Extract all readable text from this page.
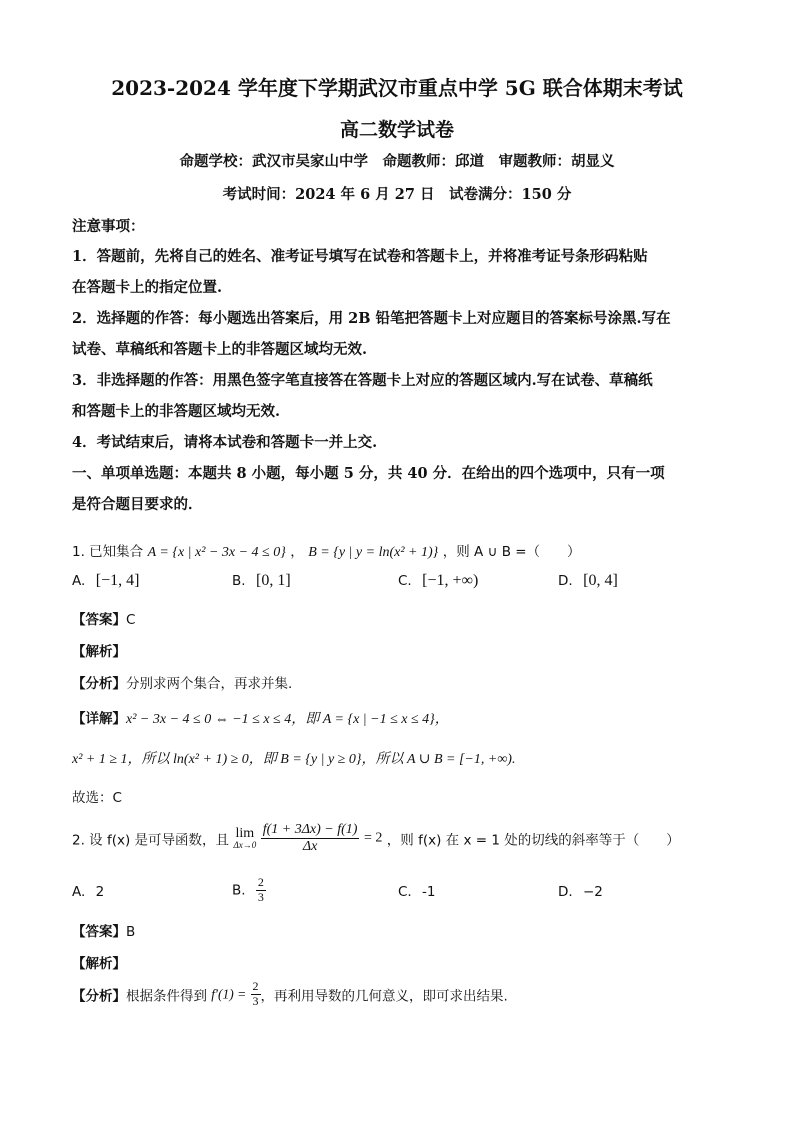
2023-2024 学年度下学期武汉市重点中学 5G 联合体期末考试
高二数学试卷
命题学校：武汉市吴家山中学　命题教师：邱道　审题教师：胡显义
考试时间：2024 年 6 月 27 日　试卷满分：150 分
注意事项：
1．答题前，先将自己的姓名、准考证号填写在试卷和答题卡上，并将准考证号条形码粘贴
在答题卡上的指定位置.
2．选择题的作答：每小题选出答案后，用 2B 铅笔把答题卡上对应题目的答案标号涂黑.写在
试卷、草稿纸和答题卡上的非答题区域均无效.
3．非选择题的作答：用黑色签字笔直接答在答题卡上对应的答题区域内.写在试卷、草稿纸
和答题卡上的非答题区域均无效.
4．考试结束后，请将本试卷和答题卡一并上交.
一、单项单选题：本题共 8 小题，每小题 5 分，共 40 分．在给出的四个选项中，只有一项
是符合题目要求的．
1. 已知集合 A = {x | x² − 3x − 4 ≤ 0} ， B = {y | y = ln(x² + 1)} ，则 A ∪ B =（　　）
A. [−1, 4]	B. [0, 1]	C. [−1, +∞)	D. [0, 4]
【答案】C
【解析】
【分析】分别求两个集合，再求并集.
【详解】x² − 3x − 4 ≤ 0 ⇔ −1 ≤ x ≤ 4，即 A = {x | −1 ≤ x ≤ 4}，
x² + 1 ≥ 1，所以 ln(x² + 1) ≥ 0，即 B = {y | y ≥ 0}，所以 A ∪ B = [−1, +∞).
故选：C
2. 设 f(x) 是可导函数，且 lim
Δx→0
$\frac{f(1 + 3\Delta x) - f(1)}{\Delta x} = 2$ ，则 f(x) 在 x = 1 处的切线的斜率等于（　　）
A. 2	B. $\frac{2}{3}$	C. -1	D. −2
【答案】B
【解析】
【分析】根据条件得到 $f'(1) = \frac{2}{3}$ ，再利用导数的几何意义，即可求出结果.
